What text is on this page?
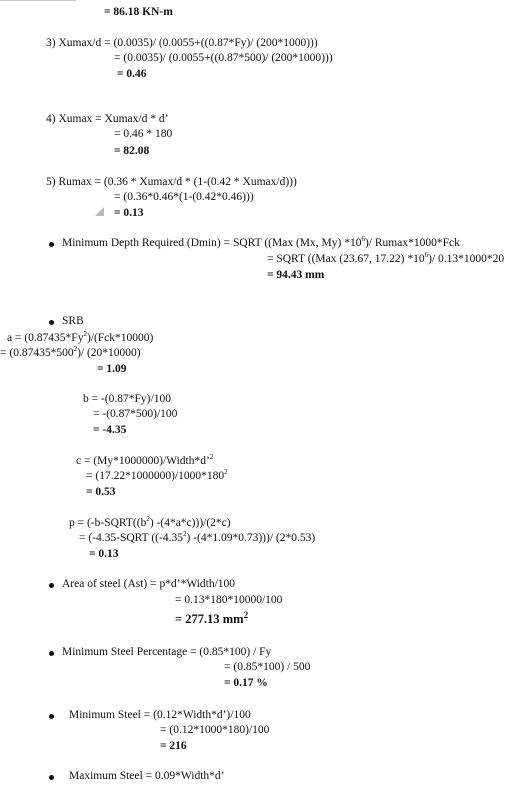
= 86.18 KN-m
3) Xumax/d = (0.0035)/ (0.0055+((0.87*Fy)/ (200*1000)))
= (0.0035)/ (0.0055+((0.87*500)/ (200*1000)))
= 0.46
4) Xumax = Xumax/d * d’
= 0.46 * 180
= 82.08
5) Rumax = (0.36 * Xumax/d * (1-(0.42 * Xumax/d)))
= (0.36*0.46*(1-(0.42*0.46)))
= 0.13
Minimum Depth Required (Dmin) = SQRT ((Max (Mx, My) $*10^6)/$ Rumax*1000*Fck
= SQRT ((Max (23.67, 17.22) $*10^6)/$ 0.13*1000*20
= 94.43 mm
SRB
$a = (0.87435*Fy^2)/(Fck*10000)$
= $(0.87435*500^2)/$ (20*10000)
= 1.09
b = -(0.87*Fy)/100
= -(0.87*500)/100
= -4.35
c = (My*1000000)/Width*d’$^2$
= $(17.22*1000000)/1000*180^2$
= 0.53
$p = (-b-SQRT((b^2)$ -(4*a*c)))/(2*c)
= (-4.35-SQRT ((-4.35$^2$) -(4*1.09*0.73)))/ (2*0.53)
= 0.13
Area of steel (Ast) = p*d’*Width/100
= 0.13*180*10000/100
= 277.13 $mm^2$
Minimum Steel Percentage = (0.85*100) / Fy
= (0.85*100) / 500
= 0.17 %
Minimum Steel = (0.12*Width*d’)/100
= (0.12*1000*180)/100
= 216
Maximum Steel = 0.09*Width*d’
